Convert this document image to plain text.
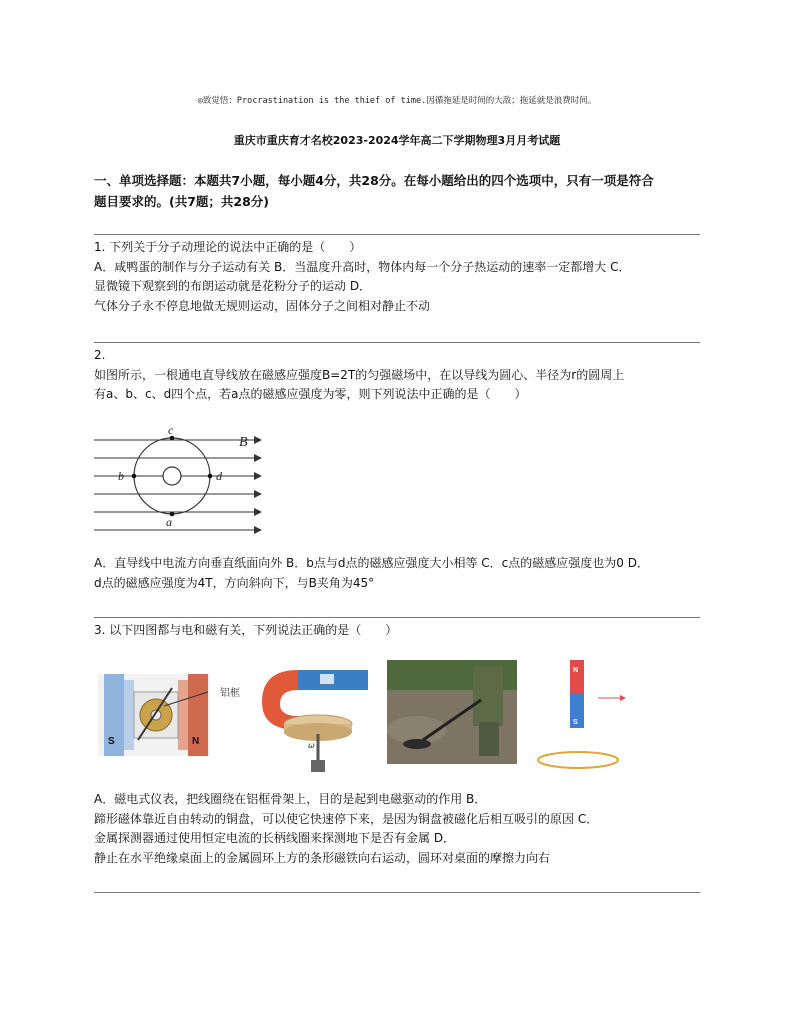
◎致觉悟：Procrastination is the thief of time.因循拖延是时间的大敌；拖延就是浪费时间。
重庆市重庆育才名校2023-2024学年高二下学期物理3月月考试题
一、单项选择题：本题共7小题，每小题4分，共28分。在每小题给出的四个选项中，只有一项是符合
题目要求的。(共7题；共28分)

1. 下列关于分子动理论的说法中正确的是（　　）

A．咸鸭蛋的制作与分子运动有关 B．当温度升高时，物体内每一个分子热运动的速率一定都增大 C．

显微镜下观察到的布朗运动就是花粉分子的运动 D．

气体分子永不停息地做无规则运动，固体分子之间相对静止不动

2.

如图所示，一根通电直导线放在磁感应强度B=2T的匀强磁场中，在以导线为圆心、半径为r的圆周上

有a、b、c、d四个点，若a点的磁感应强度为零，则下列说法中正确的是（　　）

B
c
b	d
a

A．直导线中电流方向垂直纸面向外 B．b点与d点的磁感应强度大小相等 C．c点的磁感应强度也为0 D．

d点的磁感应强度为4T，方向斜向下，与B夹角为45°

3. 以下四图都与电和磁有关，下列说法正确的是（　　）

S	N
铝框
ω
N
S

A．磁电式仪表，把线圈绕在铝框骨架上，目的是起到电磁驱动的作用 B．

蹄形磁体靠近自由转动的铜盘，可以使它快速停下来，是因为铜盘被磁化后相互吸引的原因 C．

金属探测器通过使用恒定电流的长柄线圈来探测地下是否有金属 D．

静止在水平绝缘桌面上的金属圆环上方的条形磁铁向右运动，圆环对桌面的摩擦力向右
